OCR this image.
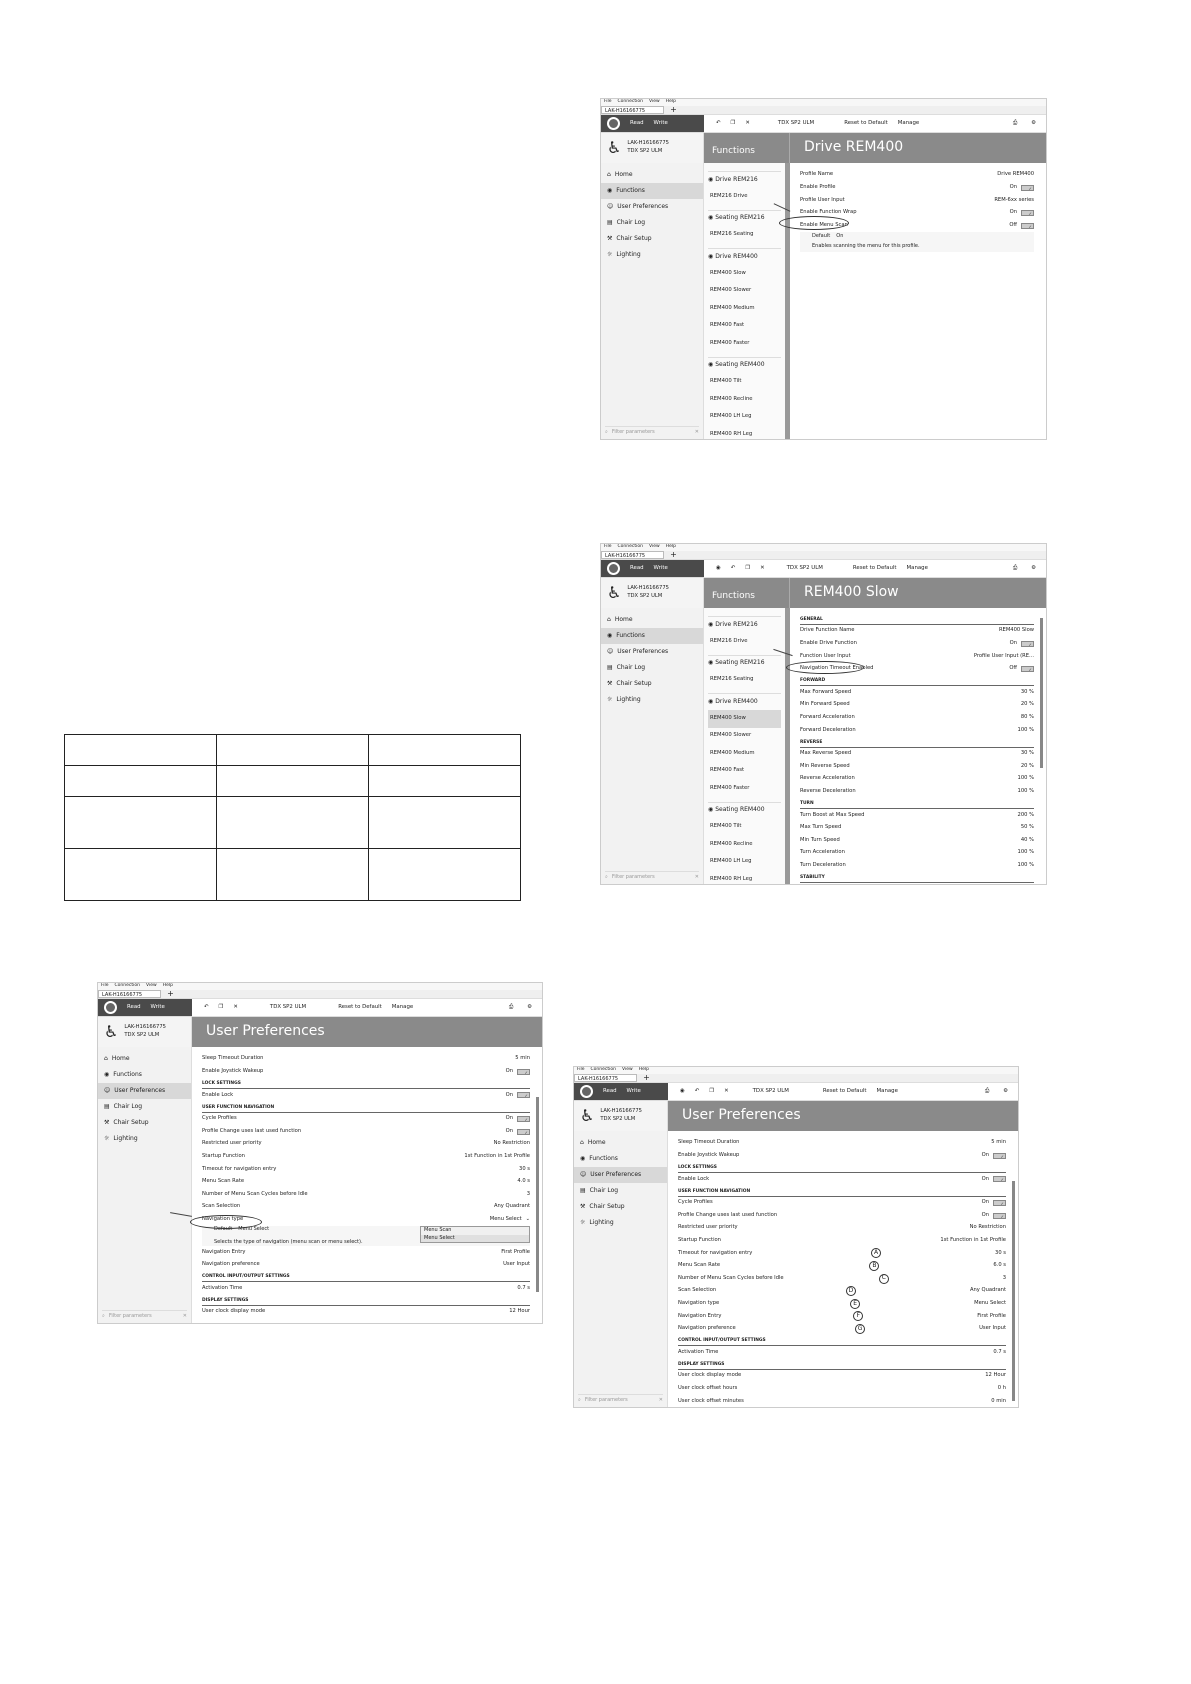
File Connection View Help
LAK-H16166775	+
Read Write	↶ ❐ ✕	TDX SP2 ULM	Reset to Default Manage	⎙	⚙
♿ LAK-H16166775
TDX SP2 ULM	Functions	Drive REM400
⌂ Home
◉ Functions
☺ User Preferences
▤ Chair Log
⚒ Chair Setup
☼ Lighting
⌕ Filter parameters	✕
◉ Drive REM216
REM216 Drive
◉ Seating REM216
REM216 Seating
◉ Drive REM400
REM400 Slow
REM400 Slower
REM400 Medium
REM400 Fast
REM400 Faster
◉ Seating REM400
REM400 Tilt
REM400 Recline
REM400 LH Leg
REM400 RH Leg
Profile Name	Drive REM400
Enable Profile	On	✓
Profile User Input	REM-6xx series
Enable Function Wrap	On	✓
Enable Menu Scan	Off	✓
Default On
Enables scanning the menu for this profile.
File Connection View Help
LAK-H16166775	+
Read Write	◉ ↶ ❐ ✕	TDX SP2 ULM	Reset to Default Manage	⎙	⚙
♿ LAK-H16166775
TDX SP2 ULM	Functions	REM400 Slow
⌂ Home
◉ Functions
☺ User Preferences
▤ Chair Log
⚒ Chair Setup
☼ Lighting
⌕ Filter parameters	✕
◉ Drive REM216
REM216 Drive
◉ Seating REM216
REM216 Seating
◉ Drive REM400
REM400 Slow
REM400 Slower
REM400 Medium
REM400 Fast
REM400 Faster
◉ Seating REM400
REM400 Tilt
REM400 Recline
REM400 LH Leg
REM400 RH Leg
GENERAL
Drive Function Name	REM400 Slow
Enable Drive Function	On	✓
Function User Input	Profile User Input (RE...
Navigation Timeout Enabled	Off	✓
FORWARD
Max Forward Speed	30 %
Min Forward Speed	20 %
Forward Acceleration	80 %
Forward Deceleration	100 %
REVERSE
Max Reverse Speed	30 %
Min Reverse Speed	20 %
Reverse Acceleration	100 %
Reverse Deceleration	100 %
TURN
Turn Boost at Max Speed	200 %
Max Turn Speed	50 %
Min Turn Speed	40 %
Turn Acceleration	100 %
Turn Deceleration	100 %
STABILITY

File Connection View Help
LAK-H16166775	+
Read Write	↶ ❐ ✕	TDX SP2 ULM	Reset to Default Manage	⎙	⚙
♿ LAK-H16166775
TDX SP2 ULM	User Preferences
⌂ Home
◉ Functions
☺ User Preferences
▤ Chair Log
⚒ Chair Setup
☼ Lighting
⌕ Filter parameters	✕
Sleep Timeout Duration	5 min
Enable Joystick Wakeup	On	✓
LOCK SETTINGS
Enable Lock	On	✓
USER FUNCTION NAVIGATION
Cycle Profiles	On	✓
Profile Change uses last used function	On	✓
Restricted user priority	No Restriction
Startup Function	1st Function in 1st Profile
Timeout for navigation entry	30 s
Menu Scan Rate	4.0 s
Number of Menu Scan Cycles before Idle	3
Scan Selection	Any Quadrant
Navigation type	Menu Select ⌄
Default Menu Select
Selects the type of navigation (menu scan or menu select).
Menu Scan
Menu Select
Navigation Entry	First Profile
Navigation preference	User Input
CONTROL INPUT/OUTPUT SETTINGS
Activation Time	0.7 s
DISPLAY SETTINGS
User clock display mode	12 Hour
File Connection View Help
LAK-H16166775	+
Read Write	◉ ↶ ❐ ✕	TDX SP2 ULM	Reset to Default Manage	⎙	⚙
♿ LAK-H16166775
TDX SP2 ULM	User Preferences
⌂ Home
◉ Functions
☺ User Preferences
▤ Chair Log
⚒ Chair Setup
☼ Lighting
⌕ Filter parameters	✕
Sleep Timeout Duration	5 min
Enable Joystick Wakeup	On	✓
LOCK SETTINGS
Enable Lock	On	✓
USER FUNCTION NAVIGATION
Cycle Profiles	On	✓
Profile Change uses last used function	On	✓
Restricted user priority	No Restriction
Startup Function	1st Function in 1st Profile
Timeout for navigation entry	A	30 s
Menu Scan Rate	B	6.0 s
Number of Menu Scan Cycles before Idle	C	3
Scan Selection	D	Any Quadrant
Navigation type	E	Menu Select
Navigation Entry	F	First Profile
Navigation preference	G	User Input
CONTROL INPUT/OUTPUT SETTINGS
Activation Time	0.7 s
DISPLAY SETTINGS
User clock display mode	12 Hour
User clock offset hours	0 h
User clock offset minutes	0 min
